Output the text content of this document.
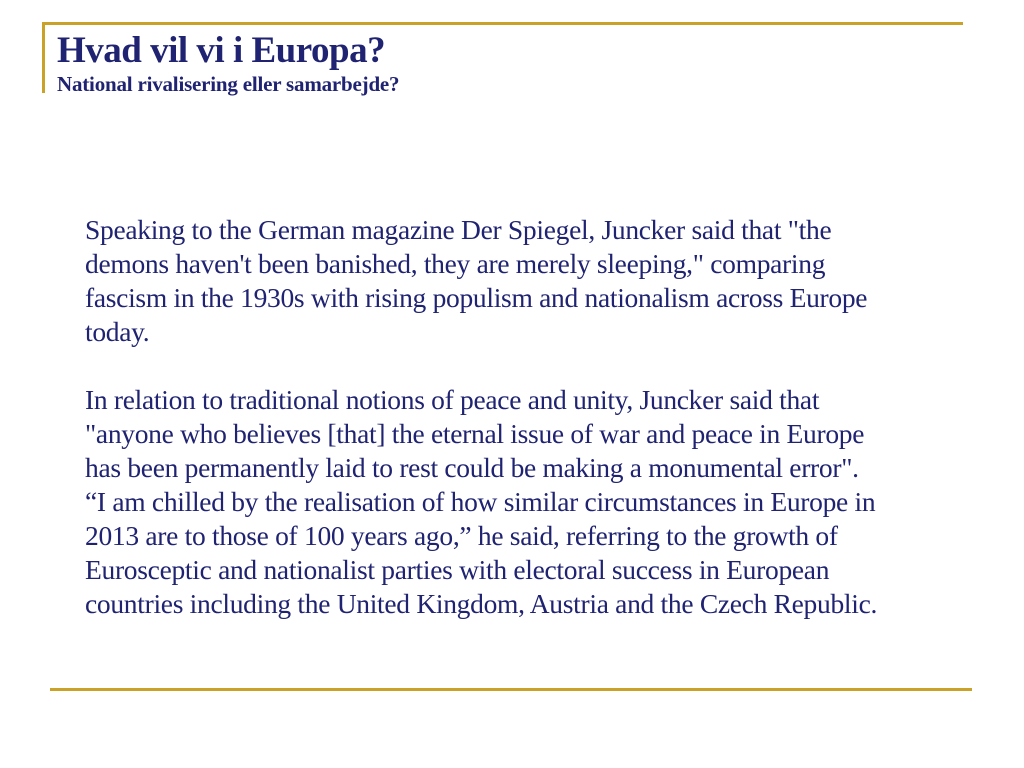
Hvad vil vi i Europa?
National rivalisering eller samarbejde?

Speaking to the German magazine Der Spiegel, Juncker said that "the
demons haven't been banished, they are merely sleeping," comparing
fascism in the 1930s with rising populism and nationalism across Europe
today.

In relation to traditional notions of peace and unity, Juncker said that
"anyone who believes [that] the eternal issue of war and peace in Europe
has been permanently laid to rest could be making a monumental error".
“I am chilled by the realisation of how similar circumstances in Europe in
2013 are to those of 100 years ago,” he said, referring to the growth of
Eurosceptic and nationalist parties with electoral success in European
countries including the United Kingdom, Austria and the Czech Republic.
